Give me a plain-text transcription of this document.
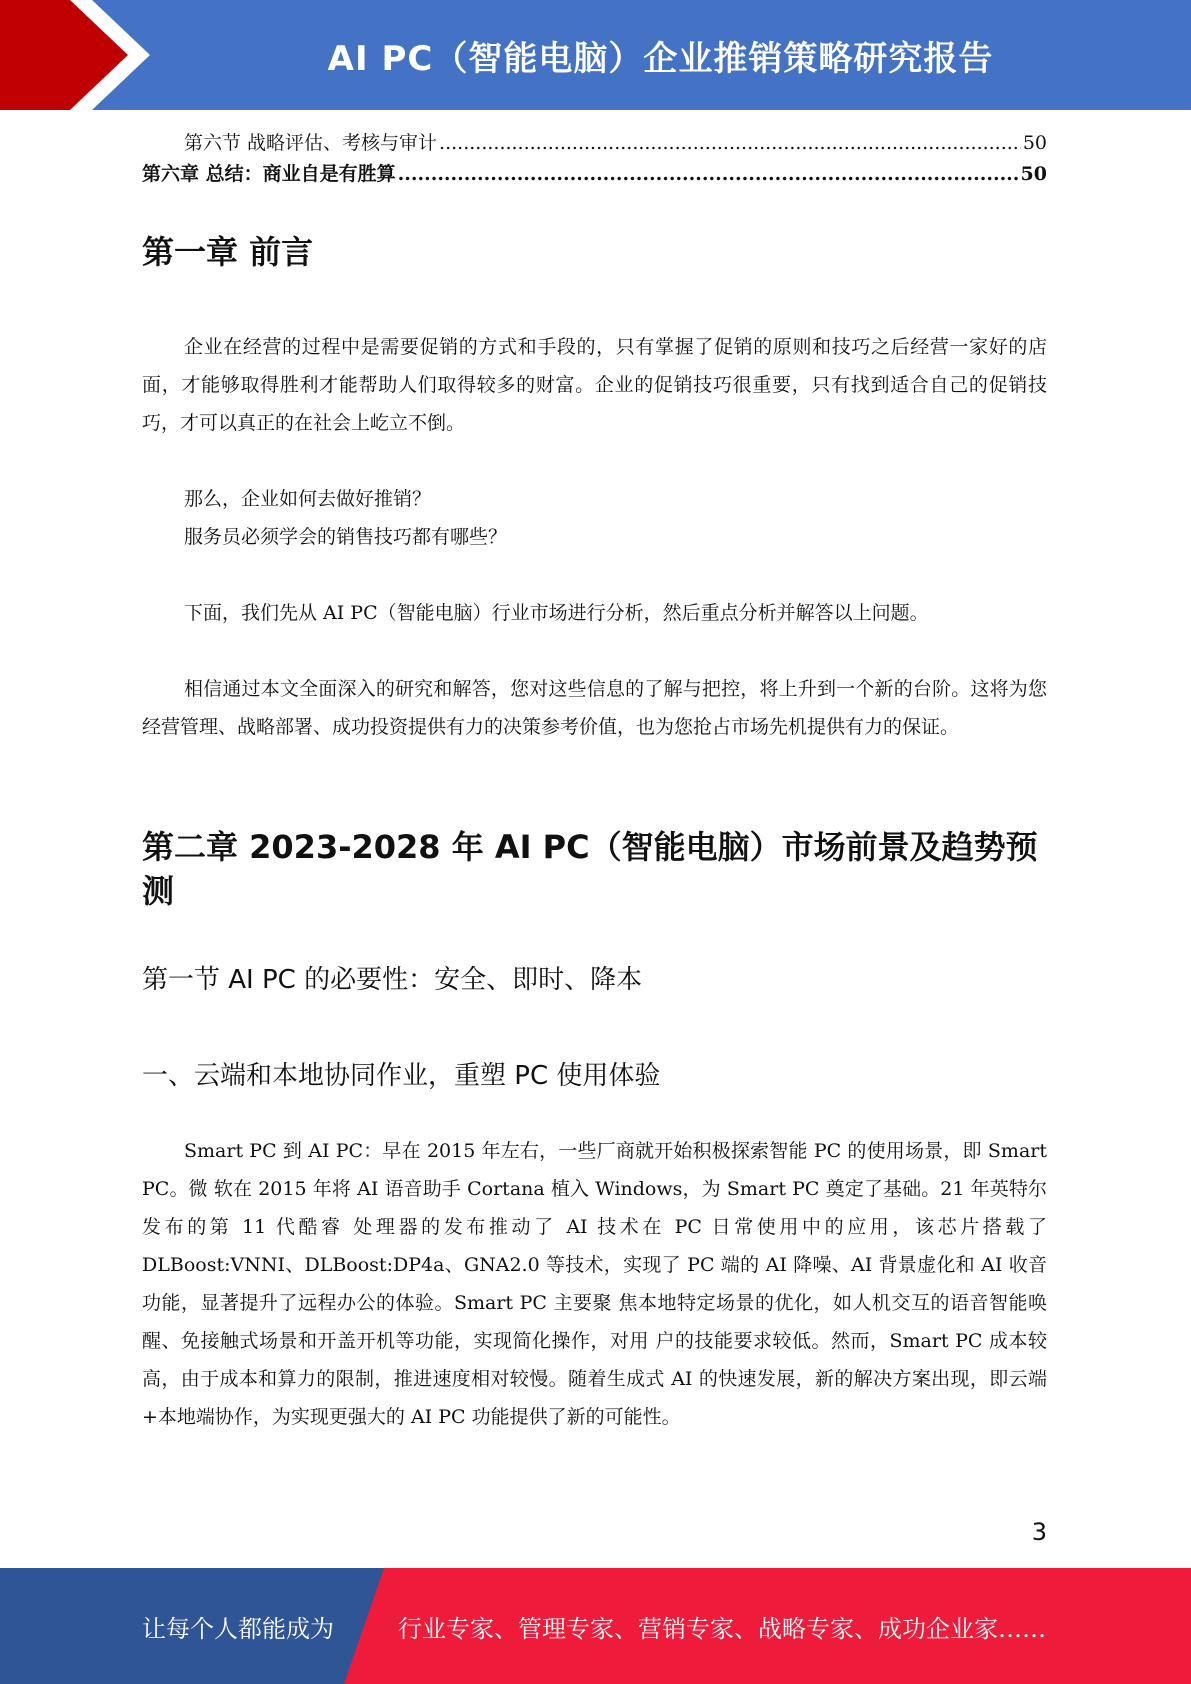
AI PC（智能电脑）企业推销策略研究报告
第六节 战略评估、考核与审计 .....	50
第六章 总结：商业自是有胜算 .....	50
第一章 前言

企业在经营的过程中是需要促销的方式和手段的，只有掌握了促销的原则和技巧之后经营一家好的店面，才能够取得胜利才能帮助人们取得较多的财富。企业的促销技巧很重要，只有找到适合自己的促销技巧，才可以真正的在社会上屹立不倒。

那么，企业如何去做好推销？

服务员必须学会的销售技巧都有哪些？

下面，我们先从 AI PC（智能电脑）行业市场进行分析，然后重点分析并解答以上问题。

相信通过本文全面深入的研究和解答，您对这些信息的了解与把控，将上升到一个新的台阶。这将为您经营管理、战略部署、成功投资提供有力的决策参考价值，也为您抢占市场先机提供有力的保证。

第二章 2023-2028 年 AI PC（智能电脑）市场前景及趋势预测
第一节 AI PC 的必要性：安全、即时、降本
一、云端和本地协同作业，重塑 PC 使用体验

Smart PC 到 AI PC：早在 2015 年左右，一些厂商就开始积极探索智能 PC 的使用场景，即 Smart PC。微 软在 2015 年将 AI 语音助手 Cortana 植入 Windows，为 Smart PC 奠定了基础。21 年英特尔发布的第 11 代酷睿 处理器的发布推动了 AI 技术在 PC 日常使用中的应用，该芯片搭载了 DLBoost:VNNI、DLBoost:DP4a、GNA2.0 等技术，实现了 PC 端的 AI 降噪、AI 背景虚化和 AI 收音功能，显著提升了远程办公的体验。Smart PC 主要聚 焦本地特定场景的优化，如人机交互的语音智能唤醒、免接触式场景和开盖开机等功能，实现简化操作，对用 户的技能要求较低。然而，Smart PC 成本较高，由于成本和算力的限制，推进速度相对较慢。随着生成式 AI 的快速发展，新的解决方案出现，即云端+本地端协作，为实现更强大的 AI PC 功能提供了新的可能性。

3
让每个人都能成为	行业专家、管理专家、营销专家、战略专家、成功企业家……
